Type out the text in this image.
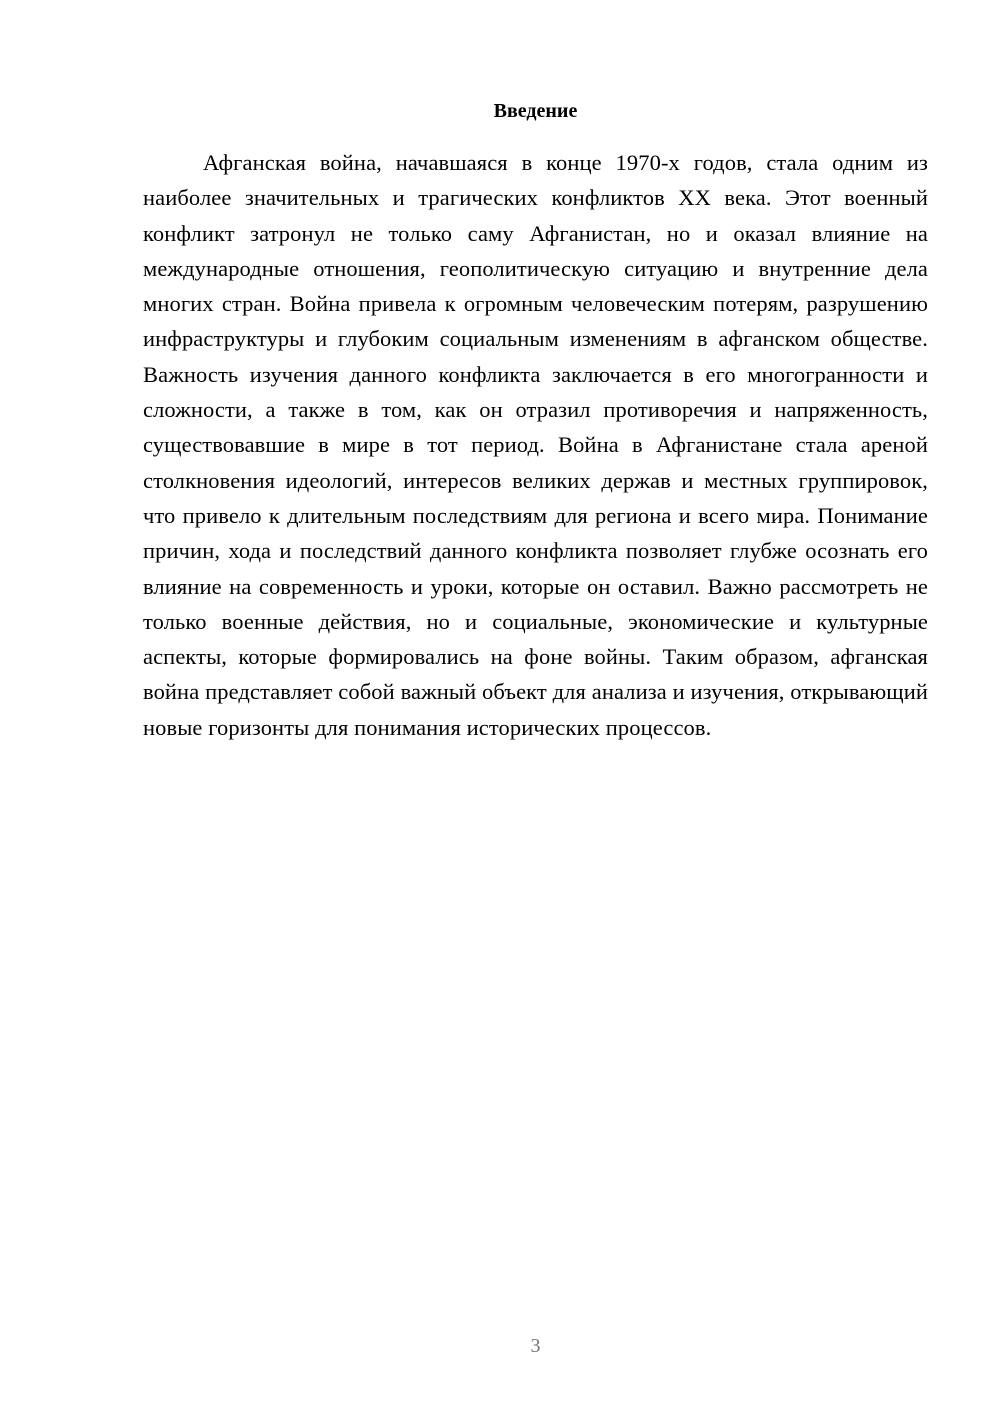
Введение

Афганская война, начавшаяся в конце 1970-х годов, стала одним из наиболее значительных и трагических конфликтов XX века. Этот военный конфликт затронул не только саму Афганистан, но и оказал влияние на международные отношения, геополитическую ситуацию и внутренние дела многих стран. Война привела к огромным человеческим потерям, разрушению инфраструктуры и глубоким социальным изменениям в афганском обществе. Важность изучения данного конфликта заключается в его многогранности и сложности, а также в том, как он отразил противоречия и напряженность, существовавшие в мире в тот период. Война в Афганистане стала ареной столкновения идеологий, интересов великих держав и местных группировок, что привело к длительным последствиям для региона и всего мира. Понимание причин, хода и последствий данного конфликта позволяет глубже осознать его влияние на современность и уроки, которые он оставил. Важно рассмотреть не только военные действия, но и социальные, экономические и культурные аспекты, которые формировались на фоне войны. Таким образом, афганская война представляет собой важный объект для анализа и изучения, открывающий новые горизонты для понимания исторических процессов.

3
